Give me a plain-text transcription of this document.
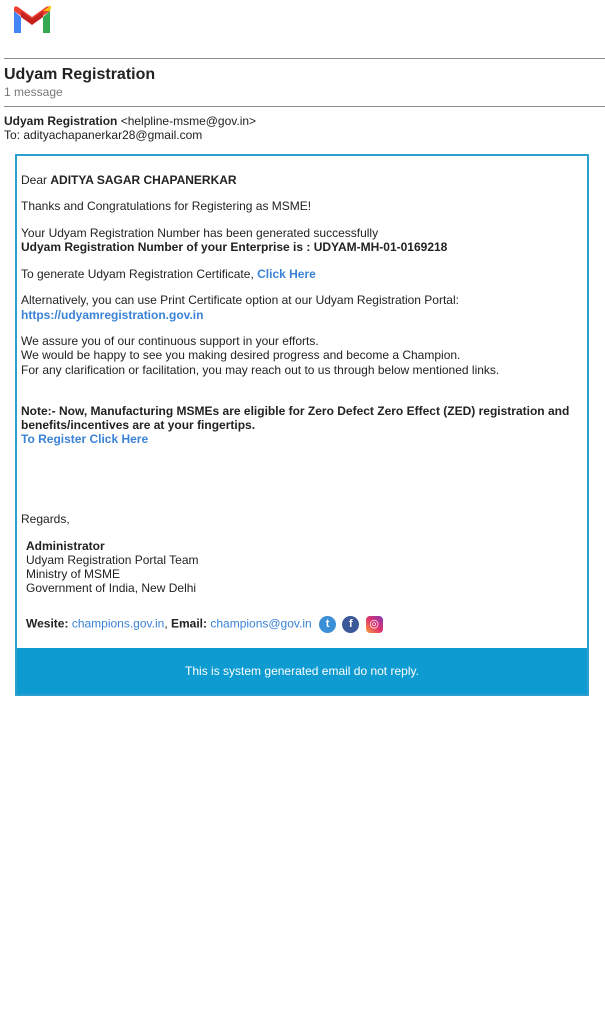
Udyam Registration
1 message
Udyam Registration <helpline-msme@gov.in>
To: adityachapanerkar28@gmail.com
Dear ADITYA SAGAR CHAPANERKAR
Thanks and Congratulations for Registering as MSME!
Your Udyam Registration Number has been generated successfully
Udyam Registration Number of your Enterprise is : UDYAM-MH-01-0169218
To generate Udyam Registration Certificate, Click Here
Alternatively, you can use Print Certificate option at our Udyam Registration Portal:
https://udyamregistration.gov.in
We assure you of our continuous support in your efforts.
We would be happy to see you making desired progress and become a Champion.
For any clarification or facilitation, you may reach out to us through below mentioned links.
Note:- Now, Manufacturing MSMEs are eligible for Zero Defect Zero Effect (ZED) registration and benefits/incentives are at your fingertips.
To Register Click Here
Regards,
Administrator
Udyam Registration Portal Team
Ministry of MSME
Government of India, New Delhi
Wesite: champions.gov.in, Email: champions@gov.in t f ◎
This is system generated email do not reply.
